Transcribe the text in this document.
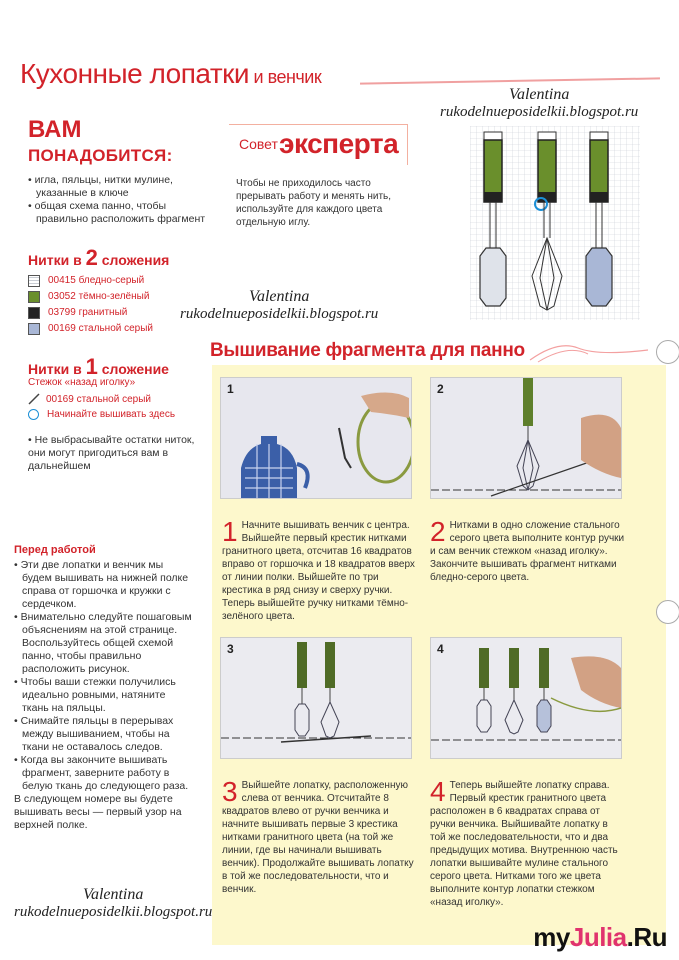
Кухонные лопатки и венчик
Valentina
rukodelnueposidelkii.blogspot.ru
Valentina
rukodelnueposidelkii.blogspot.ru
Valentina
rukodelnueposidelkii.blogspot.ru
ВАМ
ПОНАДОБИТСЯ:
• игла, пяльцы, нитки мулине, указанные в ключе
• общая схема панно, чтобы правильно расположить фрагмент
Нитки в 2 сложения
00415
бледно-серый
03052
тёмно-зелёный
03799
гранитный
00169
стальной серый
Нитки в 1 сложение
Стежок «назад иголку»
00169 стальной серый
Начинайте вышивать здесь
• Не выбрасывайте остатки ниток, они могут пригодиться вам в дальнейшем
Совет эксперта
Чтобы не приходилось часто прерывать работу и менять нить, используйте для каждого цвета отдельную иглу.
Вышивание фрагмента для панно
1	2
1 Начните вышивать венчик с центра. Выйшейте первый крестик нитками гранитного цвета, отсчитав 16 квадратов вправо от горшочка и 18 квадратов вверх от линии полки. Выйшейте по три крестика в ряд снизу и сверху ручки. Теперь выйшейте ручку нитками тёмно-зелёного цвета.
2 Нитками в одно сложение стального серого цвета выполните контур ручки и сам венчик стежком «назад иголку». Закончите вышивать фрагмент нитками бледно-серого цвета.
3	4
3 Выйшейте лопатку, расположенную слева от венчика. Отсчитайте 8 квадратов влево от ручки венчика и начните вышивать первые 3 крестика нитками гранитного цвета (на той же линии, где вы начинали вышивать венчик). Продолжайте вышивать лопатку в той же последовательности, что и венчик.
4 Теперь выйшейте лопатку справа. Первый крестик гранитного цвета расположен в 6 квадратах справа от ручки венчика. Выйшивайте лопатку в той же последовательности, что и два предыдущих мотива. Внутреннюю часть лопатки вышивайте мулине стального серого цвета. Нитками того же цвета выполните контур лопатки стежком «назад иголку».
Перед работой
• Эти две лопатки и венчик мы будем вышивать на нижней полке справа от горшочка и кружки с сердечком.
• Внимательно следуйте пошаговым объяснениям на этой странице. Воспользуйтесь общей схемой панно, чтобы правильно расположить рисунок.
• Чтобы ваши стежки получились идеально ровными, натяните ткань на пяльцы.
• Снимайте пяльцы в перерывах между вышиванием, чтобы на ткани не оставалось следов.
• Когда вы закончите вышивать фрагмент, заверните работу в белую ткань до следующего раза.
В следующем номере вы будете вышивать весы — первый узор на верхней полке.
myJulia.Ru
